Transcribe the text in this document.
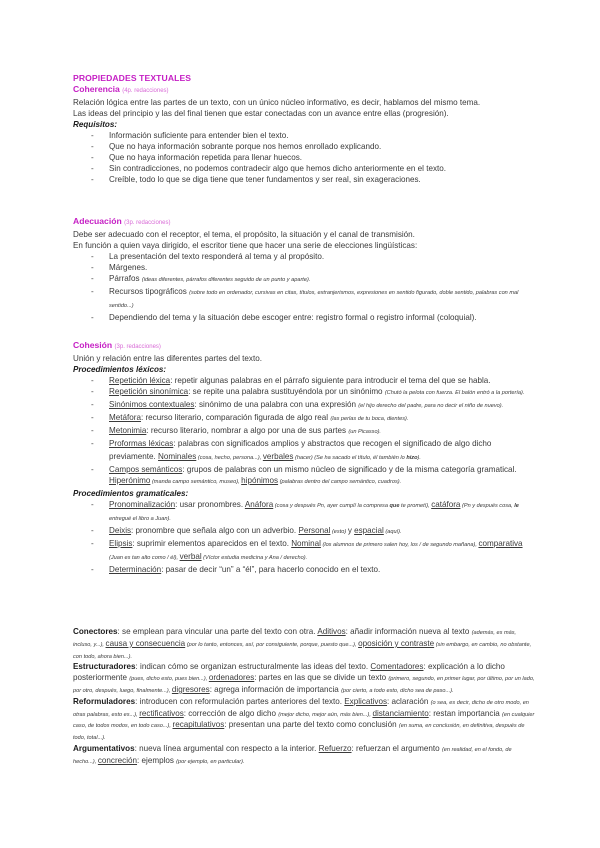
PROPIEDADES TEXTUALES
Coherencia (4p. redacciones)

Relación lógica entre las partes de un texto, con un único núcleo informativo, es decir, hablamos del mismo tema.

Las ideas del principio y las del final tienen que estar conectadas con un avance entre ellas (progresión).

Requisitos:
- Información suficiente para entender bien el texto.
- Que no haya información sobrante porque nos hemos enrollado explicando.
- Que no haya información repetida para llenar huecos.
- Sin contradicciones, no podemos contradecir algo que hemos dicho anteriormente en el texto.
- Creíble, todo lo que se diga tiene que tener fundamentos y ser real, sin exageraciones.
Adecuación (3p. redacciones)

Debe ser adecuado con el receptor, el tema, el propósito, la situación y el canal de transmisión.

En función a quien vaya dirigido, el escritor tiene que hacer una serie de elecciones lingüísticas:

- La presentación del texto responderá al tema y al propósito.
- Márgenes.
- Párrafos (ideas diferentes, párrafos diferentes seguido de un punto y aparte).
- Recursos tipográficos (sobre todo en ordenador, cursivas en citas, títulos, extranjerismos, expresiones en sentido figurado, doble sentido, palabras con mal sentido...)
- Dependiendo del tema y la situación debe escoger entre: registro formal o registro informal (coloquial).
Cohesión (3p. redacciones)

Unión y relación entre las diferentes partes del texto.

Procedimientos léxicos:
- Repetición léxica: repetir algunas palabras en el párrafo siguiente para introducir el tema del que se habla.
- Repetición sinonímica: se repite una palabra sustituyéndola por un sinónimo (Chutó la pelota con fuerza. El balón entró a la portería).
- Sinónimos contextuales: sinónimo de una palabra con una expresión (el hijo derecho del padre, para no decir el niño de nuevo).
- Metáfora: recurso literario, comparación figurada de algo real (las perlas de tu boca, dientes).
- Metonimia: recurso literario, nombrar a algo por una de sus partes (un Picasso).
- Proformas léxicas: palabras con significados amplios y abstractos que recogen el significado de algo dicho previamente. Nominales (cosa, hecho, persona...), verbales (hacer) (Se ha sacado el título, él también lo hizo).
- Campos semánticos: grupos de palabras con un mismo núcleo de significado y de la misma categoría gramatical. Hiperónimo (manda campo semántico, museo), hipónimos (palabras dentro del campo semántico, cuadros).
Procedimientos gramaticales:
- Pronominalización: usar pronombres. Anáfora (cosa y después Pn, ayer cumplí la compresa que te prometí), catáfora (Pn y después cosa, le entregué el libro a Juan).
- Deixis: pronombre que señala algo con un adverbio. Personal (esto) y espacial (aquí).
- Elipsis: suprimir elementos aparecidos en el texto. Nominal (los alumnos de primero salen hoy, los / de segundo mañana), comparativa (Juan es tan alto como / él), verbal (Víctor estudia medicina y Ana / derecho).
- Determinación: pasar de decir “un” a “él”, para hacerlo conocido en el texto.

Conectores: se emplean para vincular una parte del texto con otra. Aditivos: añadir información nueva al texto (además, es más, incluso, y...), causa y consecuencia (por lo tanto, entonces, así, por consiguiente, porque, puesto que...), oposición y contraste (sin embargo, en cambio, no obstante, con todo, ahora bien...).

Estructuradores: indican cómo se organizan estructuralmente las ideas del texto. Comentadores: explicación a lo dicho posteriormente (pues, dicho esto, pues bien...), ordenadores: partes en las que se divide un texto (primero, segundo, en primer lugar, por último, por un lado, por otro, después, luego, finalmente...), digresores: agrega información de importancia (por cierto, a todo esto, dicho sea de paso...).

Reformuladores: introducen con reformulación partes anteriores del texto. Explicativos: aclaración (o sea, es decir, dicho de otro modo, en otras palabras, esto es...), rectificativos: corrección de algo dicho (mejor dicho, mejor aún, más bien...), distanciamiento: restan importancia (en cualquier caso, de todos modos, en todo caso...), recapitulativos: presentan una parte del texto como conclusión (en suma, en conclusión, en definitiva, después de todo, total...).

Argumentativos: nueva línea argumental con respecto a la interior. Refuerzo: refuerzan el argumento (en realidad, en el fondo, de hecho...), concreción: ejemplos (por ejemplo, en particular).
